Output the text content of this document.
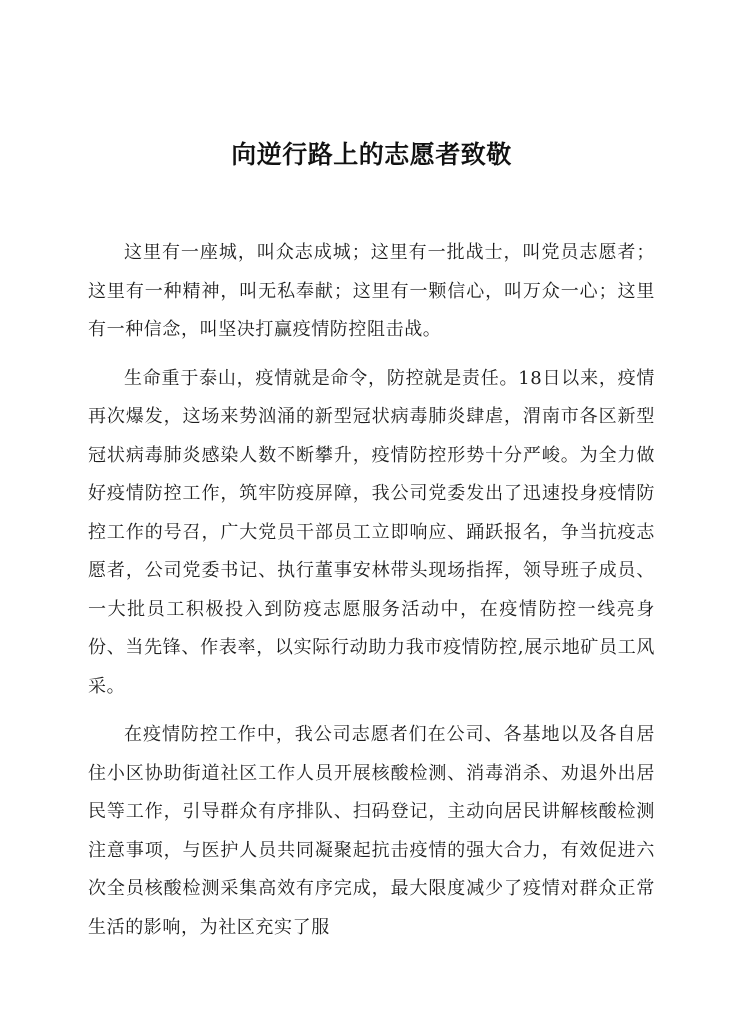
向逆行路上的志愿者致敬

这里有一座城，叫众志成城；这里有一批战士，叫党员志愿者；这里有一种精神，叫无私奉献；这里有一颗信心，叫万众一心；这里有一种信念，叫坚决打赢疫情防控阻击战。

生命重于泰山，疫情就是命令，防控就是责任。18日以来，疫情再次爆发，这场来势汹涌的新型冠状病毒肺炎肆虐，渭南市各区新型冠状病毒肺炎感染人数不断攀升，疫情防控形势十分严峻。为全力做好疫情防控工作，筑牢防疫屏障，我公司党委发出了迅速投身疫情防控工作的号召，广大党员干部员工立即响应、踊跃报名，争当抗疫志愿者，公司党委书记、执行董事安林带头现场指挥，领导班子成员、一大批员工积极投入到防疫志愿服务活动中，在疫情防控一线亮身份、当先锋、作表率，以实际行动助力我市疫情防控,展示地矿员工风采。

在疫情防控工作中，我公司志愿者们在公司、各基地以及各自居住小区协助街道社区工作人员开展核酸检测、消毒消杀、劝退外出居民等工作，引导群众有序排队、扫码登记，主动向居民讲解核酸检测注意事项，与医护人员共同凝聚起抗击疫情的强大合力，有效促进六次全员核酸检测采集高效有序完成，最大限度减少了疫情对群众正常生活的影响，为社区充实了服
